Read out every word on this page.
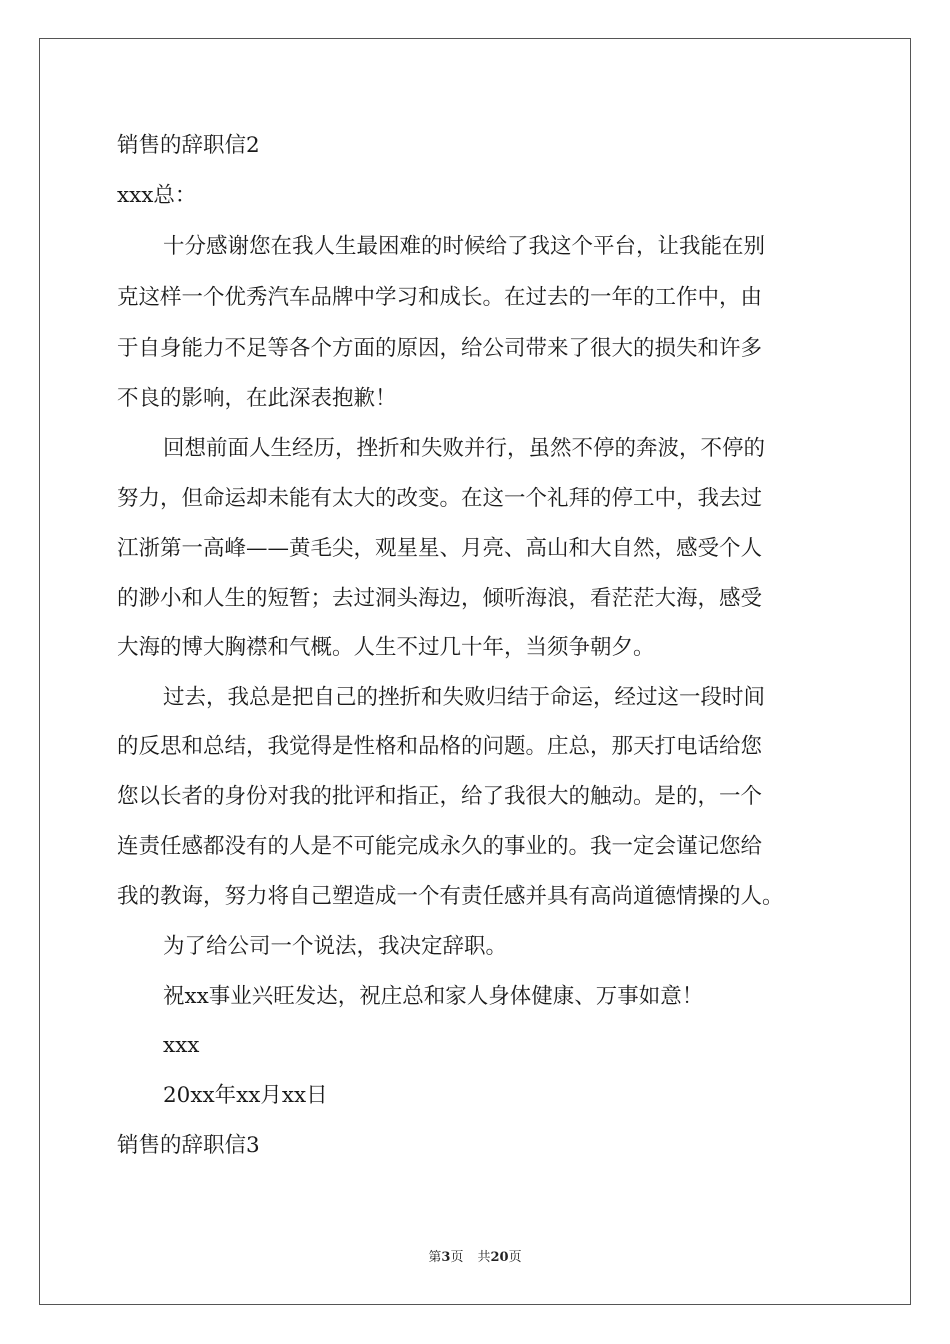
销售的辞职信2
xxx总：
十分感谢您在我人生最困难的时候给了我这个平台，让我能在别
克这样一个优秀汽车品牌中学习和成长。在过去的一年的工作中，由
于自身能力不足等各个方面的原因，给公司带来了很大的损失和许多
不良的影响，在此深表抱歉！
回想前面人生经历，挫折和失败并行，虽然不停的奔波，不停的
努力，但命运却未能有太大的改变。在这一个礼拜的停工中，我去过
江浙第一高峰——黄毛尖，观星星、月亮、高山和大自然，感受个人
的渺小和人生的短暂；去过洞头海边，倾听海浪，看茫茫大海，感受
大海的博大胸襟和气概。人生不过几十年，当须争朝夕。
过去，我总是把自己的挫折和失败归结于命运，经过这一段时间
的反思和总结，我觉得是性格和品格的问题。庄总，那天打电话给您
您以长者的身份对我的批评和指正，给了我很大的触动。是的，一个
连责任感都没有的人是不可能完成永久的事业的。我一定会谨记您给
我的教诲，努力将自己塑造成一个有责任感并具有高尚道德情操的人。
为了给公司一个说法，我决定辞职。
祝xx事业兴旺发达，祝庄总和家人身体健康、万事如意！
xxx
20xx年xx月xx日
销售的辞职信3
第3页 共20页
